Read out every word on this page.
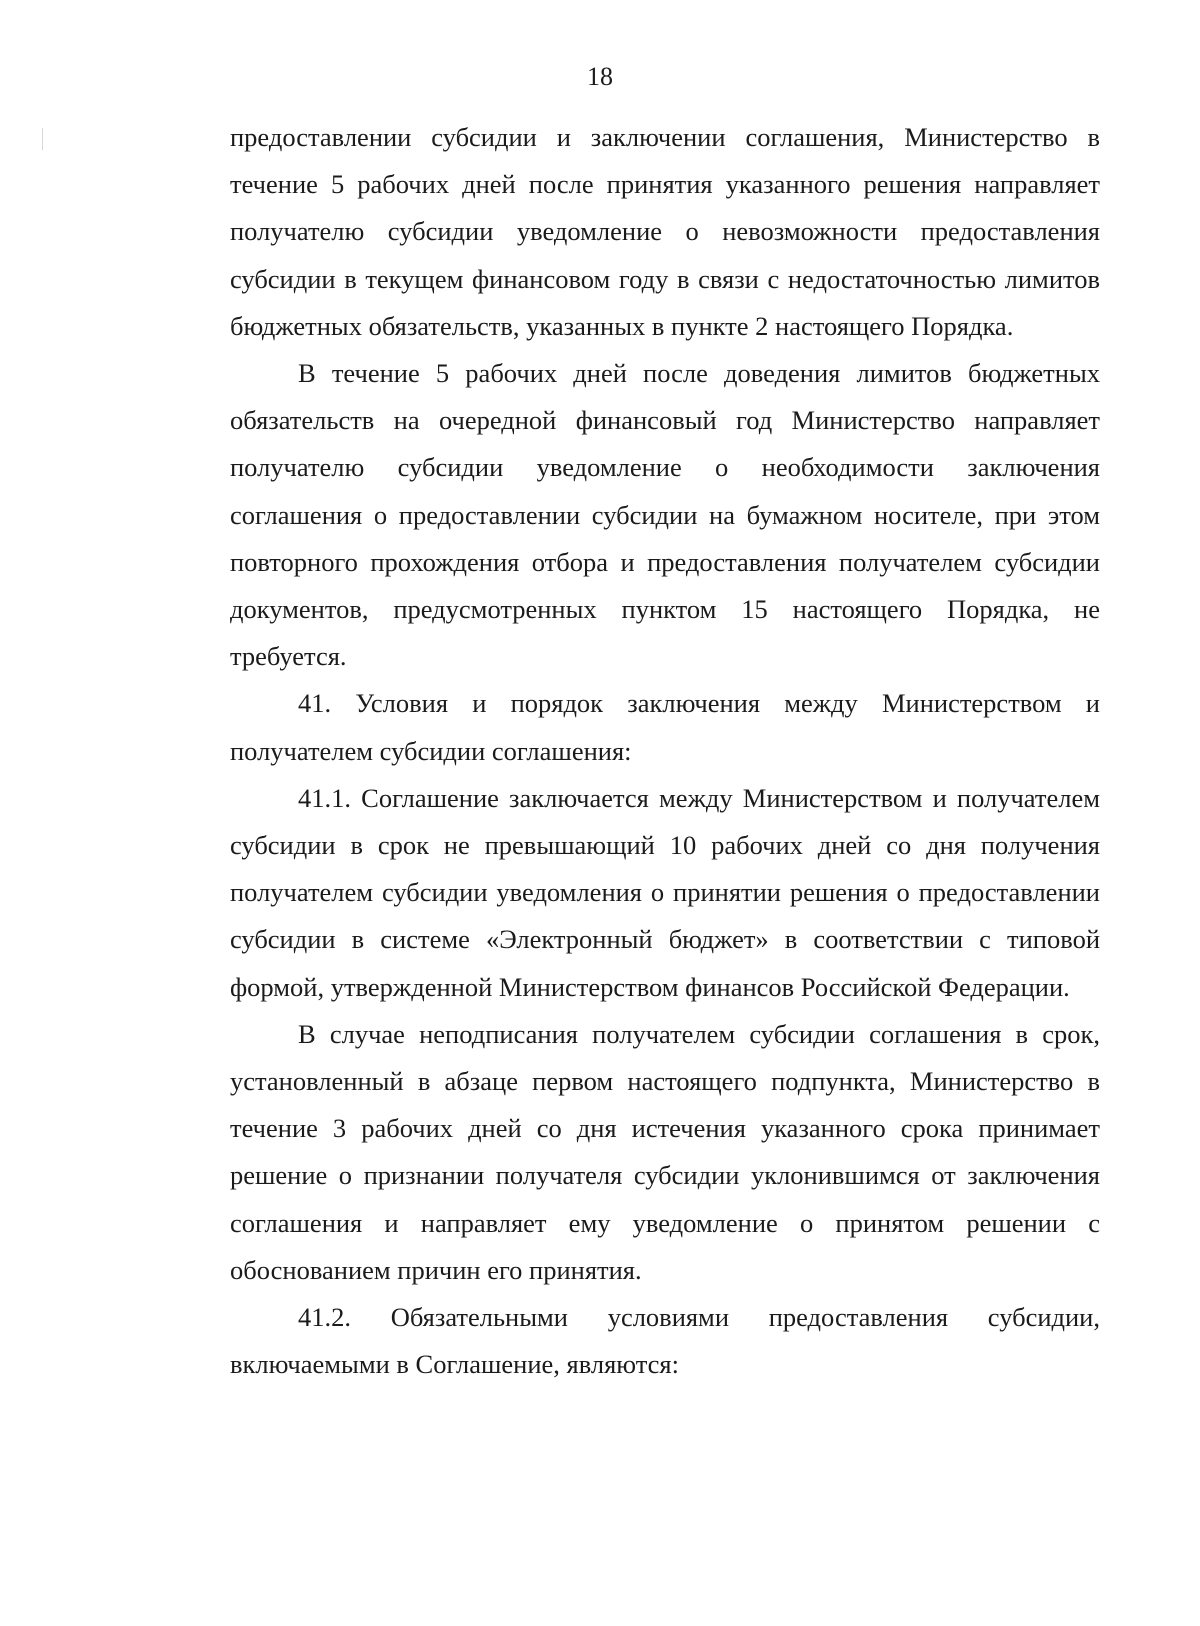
18

предоставлении субсидии и заключении соглашения, Министерство в течение 5 рабочих дней после принятия указанного решения направляет получателю субсидии уведомление о невозможности предоставления субсидии в текущем финансовом году в связи с недостаточностью лимитов бюджетных обязательств, указанных в пункте 2 настоящего Порядка.

В течение 5 рабочих дней после доведения лимитов бюджетных обязательств на очередной финансовый год Министерство направляет получателю субсидии уведомление о необходимости заключения соглашения о предоставлении субсидии на бумажном носителе, при этом повторного прохождения отбора и предоставления получателем субсидии документов, предусмотренных пунктом 15 настоящего Порядка, не требуется.

41. Условия и порядок заключения между Министерством и получателем субсидии соглашения:

41.1. Соглашение заключается между Министерством и получателем субсидии в срок не превышающий 10 рабочих дней со дня получения получателем субсидии уведомления о принятии решения о предоставлении субсидии в системе «Электронный бюджет» в соответствии с типовой формой, утвержденной Министерством финансов Российской Федерации.

В случае неподписания получателем субсидии соглашения в срок, установленный в абзаце первом настоящего подпункта, Министерство в течение 3 рабочих дней со дня истечения указанного срока принимает решение о признании получателя субсидии уклонившимся от заключения соглашения и направляет ему уведомление о принятом решении с обоснованием причин его принятия.

41.2. Обязательными условиями предоставления субсидии, включаемыми в Соглашение, являются:
